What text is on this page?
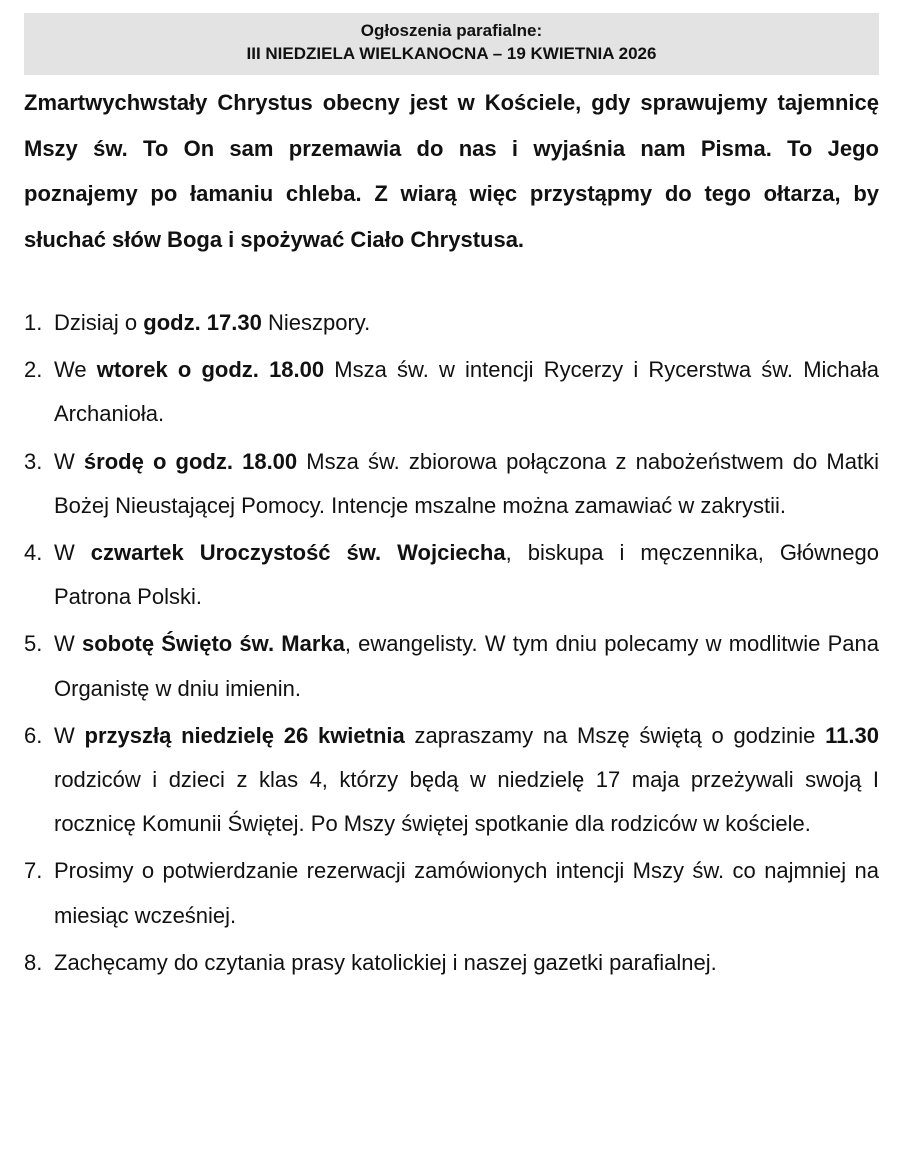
Ogłoszenia parafialne:
III NIEDZIELA WIELKANOCNA – 19 KWIETNIA 2026

Zmartwychwstały Chrystus obecny jest w Kościele, gdy sprawujemy tajemnicę Mszy św. To On sam przemawia do nas i wyjaśnia nam Pisma. To Jego poznajemy po łamaniu chleba. Z wiarą więc przystąpmy do tego ołtarza, by słuchać słów Boga i spożywać Ciało Chrystusa.

1. Dzisiaj o godz. 17.30 Nieszpory.
2. We wtorek o godz. 18.00 Msza św. w intencji Rycerzy i Rycerstwa św. Michała Archanioła.
3. W środę o godz. 18.00 Msza św. zbiorowa połączona z nabożeństwem do Matki Bożej Nieustającej Pomocy. Intencje mszalne można zamawiać w zakrystii.
4. W czwartek Uroczystość św. Wojciecha, biskupa i męczennika, Głównego Patrona Polski.
5. W sobotę Święto św. Marka, ewangelisty. W tym dniu polecamy w modlitwie Pana Organistę w dniu imienin.
6. W przyszłą niedzielę 26 kwietnia zapraszamy na Mszę świętą o godzinie 11.30 rodziców i dzieci z klas 4, którzy będą w niedzielę 17 maja przeżywali swoją I rocznicę Komunii Świętej. Po Mszy świętej spotkanie dla rodziców w kościele.
7. Prosimy o potwierdzanie rezerwacji zamówionych intencji Mszy św. co najmniej na miesiąc wcześniej.
8. Zachęcamy do czytania prasy katolickiej i naszej gazetki parafialnej.
